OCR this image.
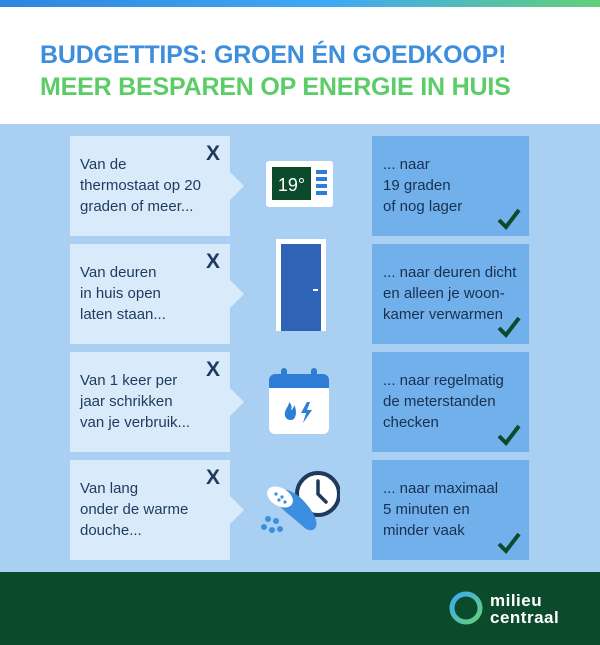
BUDGETTIPS: GROEN ÉN GOEDKOOP!
MEER BESPAREN OP ENERGIE IN HUIS
Van de
thermostaat op 20
graden of meer...
X
19°
... naar
19 graden
of nog lager
Van deuren
in huis open
laten staan...
X	... naar deuren dicht
en alleen je woon-
kamer verwarmen
Van 1 keer per
jaar schrikken
van je verbruik...
X	... naar regelmatig
de meterstanden
checken
Van lang
onder de warme
douche...
X	... naar maximaal
5 minuten en
minder vaak
milieu
centraal
